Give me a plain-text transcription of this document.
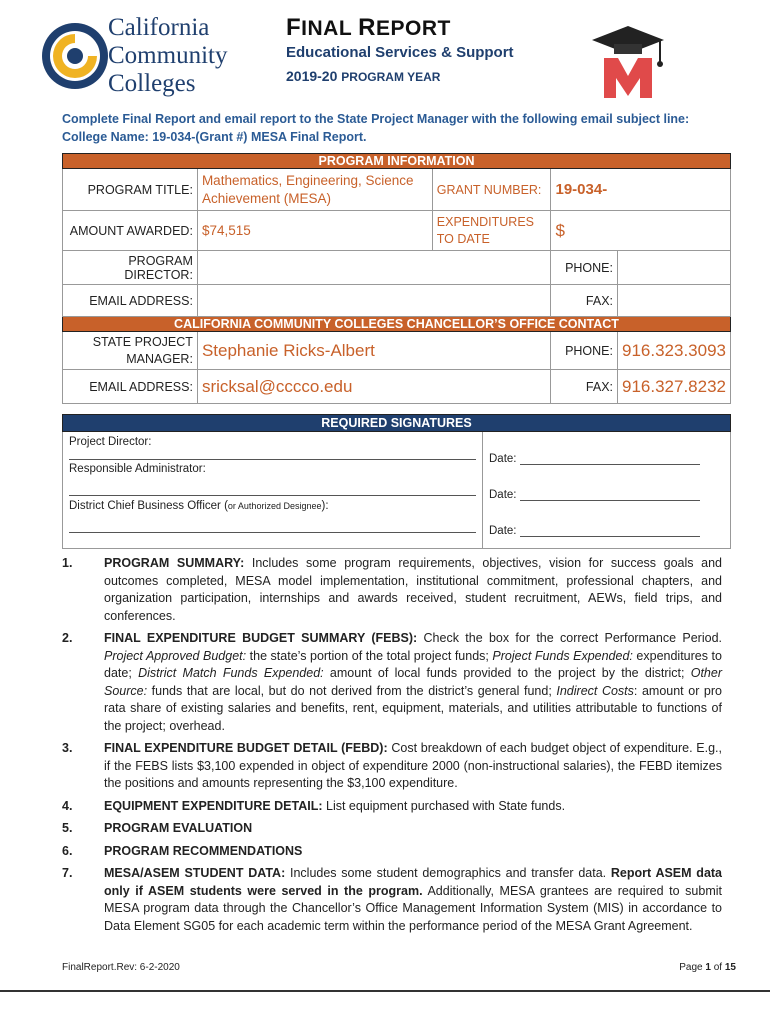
California
Community
Colleges
FINAL REPORT
Educational Services & Support
2019-20 PROGRAM YEAR
Complete Final Report and email report to the State Project Manager with the following email subject line:
College Name: 19-034-(Grant #) MESA Final Report.
PROGRAM INFORMATION				
PROGRAM TITLE:	Mathematics, Engineering, Science Achievement (MESA)	GRANT NUMBER:	19-034-	
AMOUNT AWARDED:	$74,515	EXPENDITURES TO DATE	$	
PROGRAM DIRECTOR:			PHONE:	
EMAIL ADDRESS:			FAX:	
CALIFORNIA COMMUNITY COLLEGES CHANCELLOR’S OFFICE CONTACT				
STATE PROJECT MANAGER:	Stephanie Ricks-Albert		PHONE:	916.323.3093
EMAIL ADDRESS:	sricksal@cccco.edu		FAX:	916.327.8232
REQUIRED SIGNATURES

Project Director:
Responsible Administrator:
District Chief Business Officer (or Authorized Designee):

Date:
Date:
Date:
1.	PROGRAM SUMMARY: Includes some program requirements, objectives, vision for success goals and outcomes completed, MESA model implementation, institutional commitment, professional chapters, and organization participation, internships and awards received, student recruitment, AEWs, field trips, and conferences.
2.	FINAL EXPENDITURE BUDGET SUMMARY (FEBS): Check the box for the correct Performance Period. Project Approved Budget: the state’s portion of the total project funds; Project Funds Expended: expenditures to date; District Match Funds Expended: amount of local funds provided to the project by the district; Other Source: funds that are local, but do not derived from the district’s general fund; Indirect Costs: amount or pro rata share of existing salaries and benefits, rent, equipment, materials, and utilities attributable to functions of the project; overhead.
3.	FINAL EXPENDITURE BUDGET DETAIL (FEBD): Cost breakdown of each budget object of expenditure. E.g., if the FEBS lists $3,100 expended in object of expenditure 2000 (non-instructional salaries), the FEBD itemizes the positions and amounts representing the $3,100 expenditure.
4.	EQUIPMENT EXPENDITURE DETAIL: List equipment purchased with State funds.
5.	PROGRAM EVALUATION
6.	PROGRAM RECOMMENDATIONS
7.	MESA/ASEM STUDENT DATA: Includes some student demographics and transfer data. Report ASEM data only if ASEM students were served in the program. Additionally, MESA grantees are required to submit MESA program data through the Chancellor’s Office Management Information System (MIS) in accordance to Data Element SG05 for each academic term within the performance period of the MESA Grant Agreement.
FinalReport.Rev: 6-2-2020	Page 1 of 15
